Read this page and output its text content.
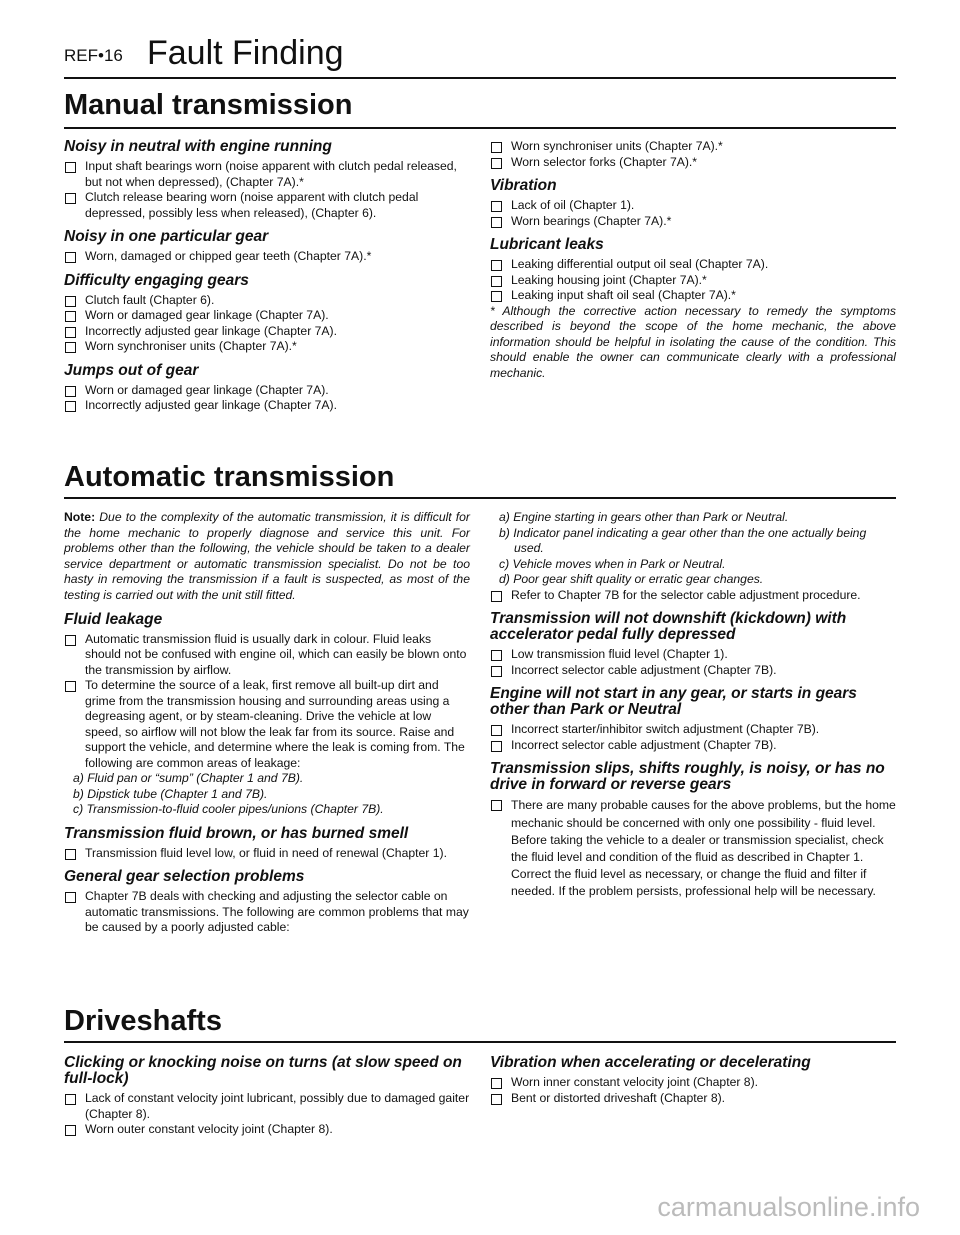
REF•16 Fault Finding
Manual transmission
Noisy in neutral with engine running
Input shaft bearings worn (noise apparent with clutch pedal released, but not when depressed), (Chapter 7A).*
Clutch release bearing worn (noise apparent with clutch pedal depressed, possibly less when released), (Chapter 6).
Noisy in one particular gear
Worn, damaged or chipped gear teeth (Chapter 7A).*
Difficulty engaging gears
Clutch fault (Chapter 6).
Worn or damaged gear linkage (Chapter 7A).
Incorrectly adjusted gear linkage (Chapter 7A).
Worn synchroniser units (Chapter 7A).*
Jumps out of gear
Worn or damaged gear linkage (Chapter 7A).
Incorrectly adjusted gear linkage (Chapter 7A).
Worn synchroniser units (Chapter 7A).*
Worn selector forks (Chapter 7A).*
Vibration
Lack of oil (Chapter 1).
Worn bearings (Chapter 7A).*
Lubricant leaks
Leaking differential output oil seal (Chapter 7A).
Leaking housing joint (Chapter 7A).*
Leaking input shaft oil seal (Chapter 7A).*
* Although the corrective action necessary to remedy the symptoms described is beyond the scope of the home mechanic, the above information should be helpful in isolating the cause of the condition. This should enable the owner can communicate clearly with a professional mechanic.
Automatic transmission
Note: Due to the complexity of the automatic transmission, it is difficult for the home mechanic to properly diagnose and service this unit. For problems other than the following, the vehicle should be taken to a dealer service department or automatic transmission specialist. Do not be too hasty in removing the transmission if a fault is suspected, as most of the testing is carried out with the unit still fitted.
Fluid leakage
Automatic transmission fluid is usually dark in colour. Fluid leaks should not be confused with engine oil, which can easily be blown onto the transmission by airflow.
To determine the source of a leak, first remove all built-up dirt and grime from the transmission housing and surrounding areas using a degreasing agent, or by steam-cleaning. Drive the vehicle at low speed, so airflow will not blow the leak far from its source. Raise and support the vehicle, and determine where the leak is coming from. The following are common areas of leakage:
a) Fluid pan or “sump” (Chapter 1 and 7B).
b) Dipstick tube (Chapter 1 and 7B).
c) Transmission-to-fluid cooler pipes/unions (Chapter 7B).
Transmission fluid brown, or has burned smell
Transmission fluid level low, or fluid in need of renewal (Chapter 1).
General gear selection problems
Chapter 7B deals with checking and adjusting the selector cable on automatic transmissions. The following are common problems that may be caused by a poorly adjusted cable:
a) Engine starting in gears other than Park or Neutral.
b) Indicator panel indicating a gear other than the one actually being used.
c) Vehicle moves when in Park or Neutral.
d) Poor gear shift quality or erratic gear changes.
Refer to Chapter 7B for the selector cable adjustment procedure.
Transmission will not downshift (kickdown) with accelerator pedal fully depressed
Low transmission fluid level (Chapter 1).
Incorrect selector cable adjustment (Chapter 7B).
Engine will not start in any gear, or starts in gears other than Park or Neutral
Incorrect starter/inhibitor switch adjustment (Chapter 7B).
Incorrect selector cable adjustment (Chapter 7B).
Transmission slips, shifts roughly, is noisy, or has no drive in forward or reverse gears
There are many probable causes for the above problems, but the home mechanic should be concerned with only one possibility - fluid level. Before taking the vehicle to a dealer or transmission specialist, check the fluid level and condition of the fluid as described in Chapter 1. Correct the fluid level as necessary, or change the fluid and filter if needed. If the problem persists, professional help will be necessary.
Driveshafts
Clicking or knocking noise on turns (at slow speed on full-lock)
Lack of constant velocity joint lubricant, possibly due to damaged gaiter (Chapter 8).
Worn outer constant velocity joint (Chapter 8).
Vibration when accelerating or decelerating
Worn inner constant velocity joint (Chapter 8).
Bent or distorted driveshaft (Chapter 8).
carmanualsonline.info
